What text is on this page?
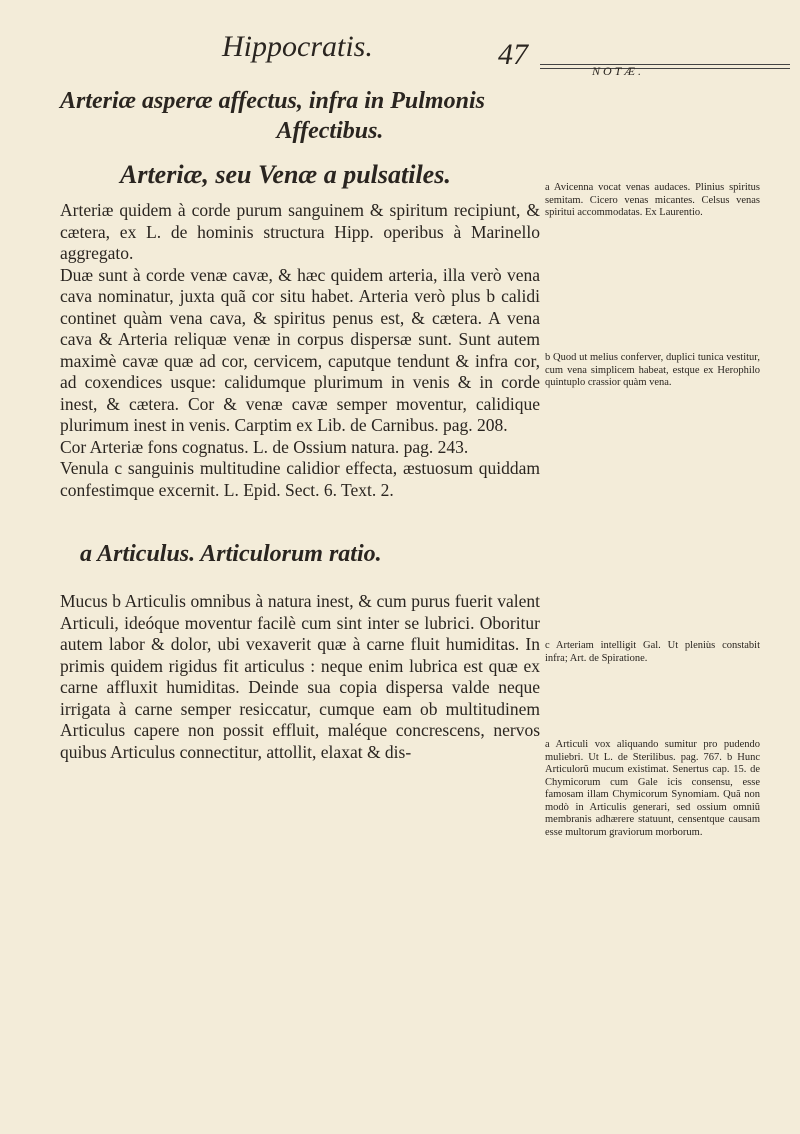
Hippocratis.	47	NOTÆ.
Arteriæ asperæ affectus, infra in Pulmonis
Affectibus.
Arteriæ, seu Venæ a pulsatiles.

Arteriæ quidem à corde purum sanguinem & spiritum recipiunt, & cætera, ex L. de hominis structura Hipp. operibus à Marinello aggregato.

Duæ sunt à corde venæ cavæ, & hæc quidem arteria, illa verò vena cava nominatur, juxta quã cor situ habet. Arteria verò plus b calidi continet quàm vena cava, & spiritus penus est, & cætera. A vena cava & Arteria reliquæ venæ in corpus dispersæ sunt. Sunt autem maximè cavæ quæ ad cor, cervicem, caputque tendunt & infra cor, ad coxendices usque: calidumque plurimum in venis & in corde inest, & cætera. Cor & venæ cavæ semper moventur, calidique plurimum inest in venis. Carptim ex Lib. de Carnibus. pag. 208.

Cor Arteriæ fons cognatus. L. de Ossium natura. pag. 243.

Venula c sanguinis multitudine calidior effecta, æstuosum quiddam confestimque excernit. L. Epid. Sect. 6. Text. 2.

a Articulus. Articulorum ratio.

Mucus b Articulis omnibus à natura inest, & cum purus fuerit valent Articuli, ideóque moventur facilè cum sint inter se lubrici. Oboritur autem labor & dolor, ubi vexaverit quæ à carne fluit humiditas. In primis quidem rigidus fit articulus : neque enim lubrica est quæ ex carne affluxit humiditas. Deinde sua copia dispersa valde neque irrigata à carne semper resiccatur, cumque eam ob multitudinem Articulus capere non possit effluit, maléque concrescens, nervos quibus Articulus connectitur, attollit, elaxat & dis-

a Avicenna vocat venas audaces. Plinius spiritus semitam. Cicero venas micantes. Celsus venas spiritui accommodatas. Ex Laurentio.
b Quod ut melius conferver, duplici tunica vestitur, cum vena simplicem habeat, estque ex Herophilo quintuplo crassior quàm vena.
c Arteriam intelligit Gal. Ut pleniùs constabit infra; Art. de Spiratione.
a Articuli vox aliquando sumitur pro pudendo muliebri. Ut L. de Sterilibus. pag. 767. b Hunc Articulorũ mucum existimat. Senertus cap. 15. de Chymicorum cum Gale icis consensu, esse famosam illam Chymicorum Synomiam. Quã non modò in Articulis generari, sed ossium omniũ membranis adhærere statuunt, censentque causam esse multorum graviorum morborum.
